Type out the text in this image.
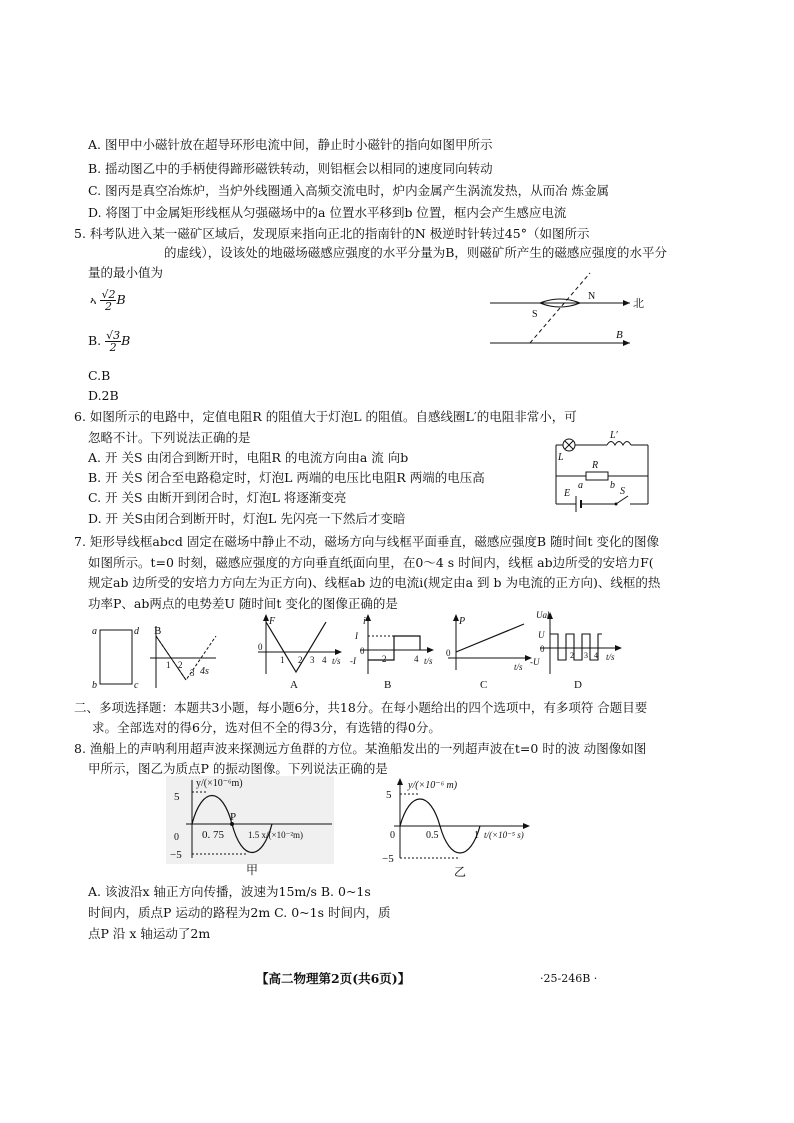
A. 图甲中小磁针放在超导环形电流中间，静止时小磁针的指向如图甲所示
B. 摇动图乙中的手柄使得蹄形磁铁转动，则铝框会以相同的速度同向转动
C. 图丙是真空冶炼炉，当炉外线圈通入高频交流电时，炉内金属产生涡流发热，从而冶 炼金属
D. 将图丁中金属矩形线框从匀强磁场中的a 位置水平移到b 位置，框内会产生感应电流
5. 科考队进入某一磁矿区域后，发现原来指向正北的指南针的N 极逆时针转过45°（如图所示
的虚线），设该处的地磁场磁感应强度的水平分量为B，则磁矿所产生的磁感应强度的水平分
量的最小值为
ኣ $\frac{√2}{2}$ B
B. $\frac{√3}{2}$ B
C.B
D.2B
N
S
北
B
6. 如图所示的电路中，定值电阻R 的阻值大于灯泡L 的阻值。自感线圈L′的电阻非常小，可
忽略不计。下列说法正确的是
A. 开 关S 由闭合到断开时，电阻R 的电流方向由a 流 向b
B. 开 关S 闭合至电路稳定时，灯泡L 两端的电压比电阻R 两端的电压高
C. 开 关S 由断开到闭合时，灯泡L 将逐渐变亮
D. 开 关S由闭合到断开时，灯泡L 先闪亮一下然后才变暗
L′
L
R
a	b
E	S
7. 矩形导线框abcd 固定在磁场中静止不动，磁场方向与线框平面垂直，磁感应强度B 随时间t 变化的图像
如图所示。t=0 时刻，磁感应强度的方向垂直纸面向里，在0～4 s 时间内，线框 ab边所受的安培力F(
规定ab 边所受的安培力方向左为正方向)、线框ab 边的电流i(规定由a 到 b 为电流的正方向)、线框的热
功率P、ab两点的电势差U 随时间t 变化的图像正确的是
a
b	c
d B
1 2
3 4s
F
0
1 2 3 4 t/s
A
i
I
0
-I	2	4 t/s
B
P
0
t/s
C
Uab
U
0
-U
2 3 4 t/s
D
二、多项选择题：本题共3小题，每小题6分，共18分。在每小题给出的四个选项中，有多项符 合题目要
求。全部选对的得6分，选对但不全的得3分，有选错的得0分。
8. 渔船上的声呐利用超声波来探测远方鱼群的方位。某渔船发出的一列超声波在t=0 时的波 动图像如图
甲所示，图乙为质点P 的振动图像。下列说法正确的是
y/(×10⁻⁶m)
5
0
−5
0. 75
P
1.5 x/(×10⁻²m)
甲
y/(×10⁻⁶ m)
5
0
−5
0.5	1 t/(×10⁻⁵ s)
乙
A. 该波沿x 轴正方向传播，波速为15m/s B. 0~1s
时间内，质点P 运动的路程为2m C. 0~1s 时间内，质
点P 沿 x 轴运动了2m
【高二物理第2页(共6页)】	·25-246B ·
